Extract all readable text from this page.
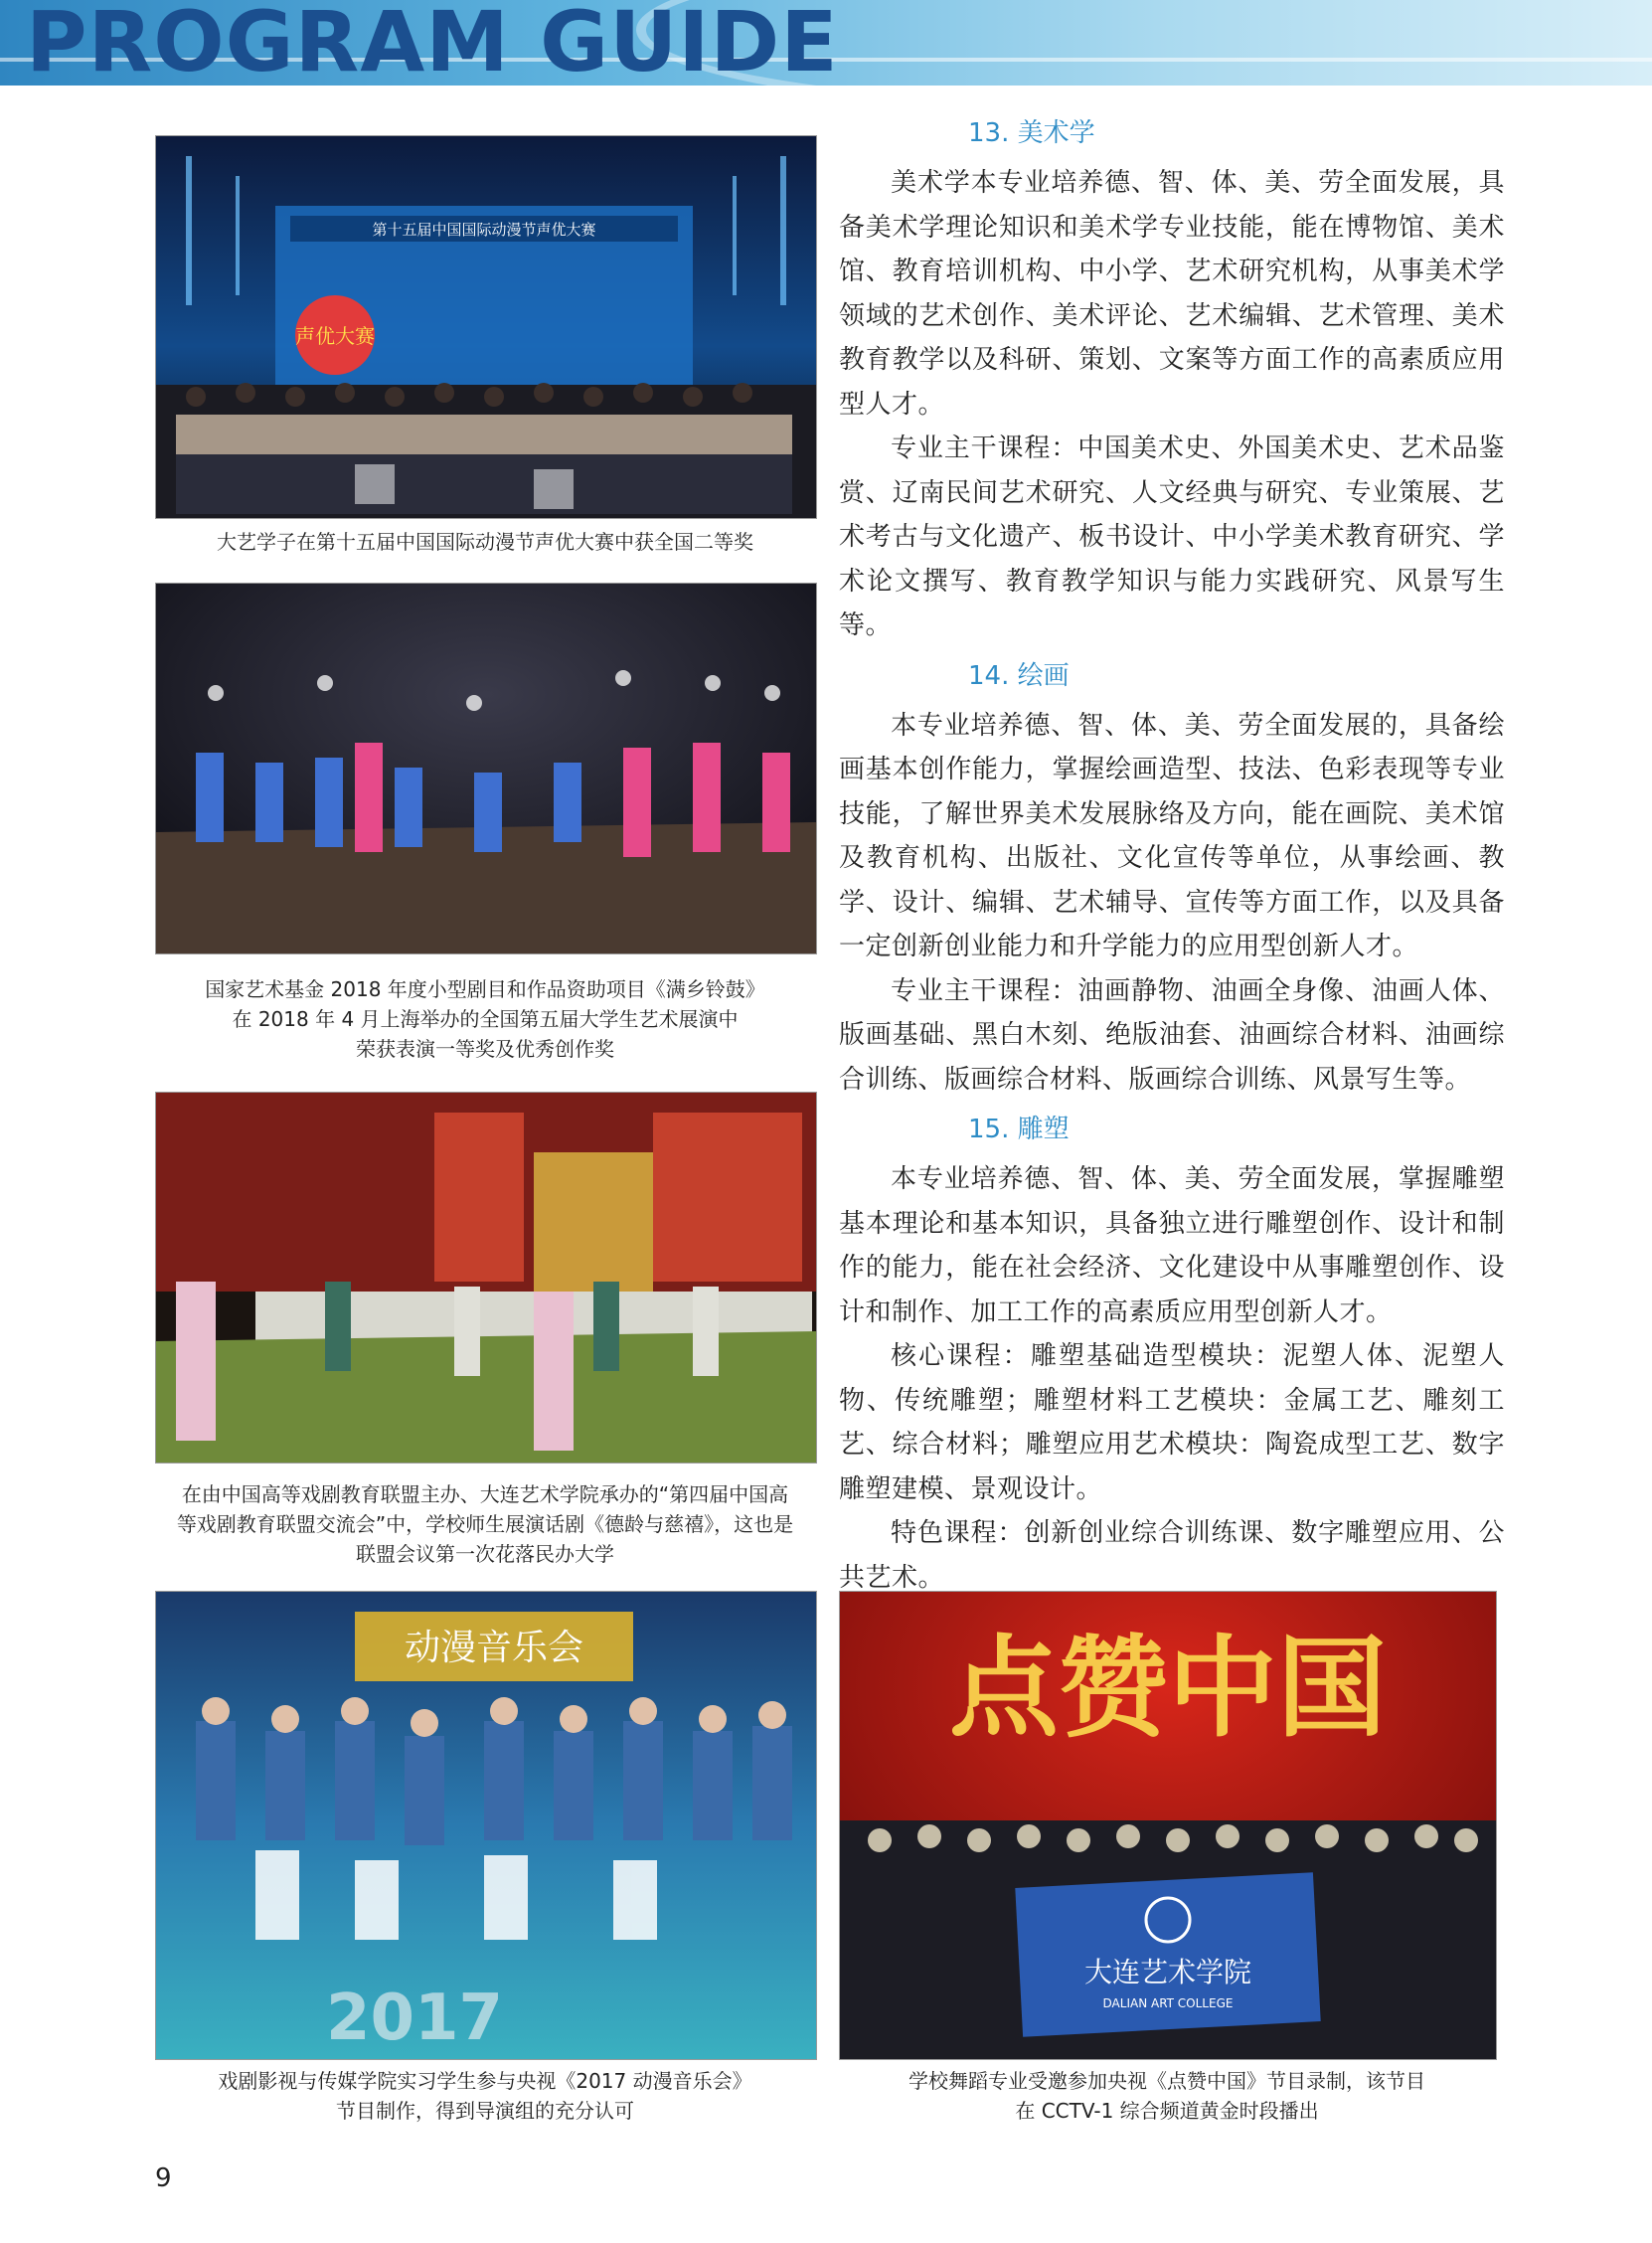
PROGRAM GUIDE
第十五届中国国际动漫节声优大赛
声优大赛
大艺学子在第十五届中国国际动漫节声优大赛中获全国二等奖
国家艺术基金 2018 年度小型剧目和作品资助项目《满乡铃鼓》
在 2018 年 4 月上海举办的全国第五届大学生艺术展演中
荣获表演一等奖及优秀创作奖
在由中国高等戏剧教育联盟主办、大连艺术学院承办的“第四届中国高
等戏剧教育联盟交流会”中，学校师生展演话剧《德龄与慈禧》，这也是
联盟会议第一次花落民办大学
动漫音乐会
2017
戏剧影视与传媒学院实习学生参与央视《2017 动漫音乐会》
节目制作，得到导演组的充分认可
点赞中国
大连艺术学院
DALIAN ART COLLEGE
学校舞蹈专业受邀参加央视《点赞中国》节目录制，该节目
在 CCTV-1 综合频道黄金时段播出
13. 美术学

美术学本专业培养德、智、体、美、劳全面发展，具备美术学理论知识和美术学专业技能，能在博物馆、美术馆、教育培训机构、中小学、艺术研究机构，从事美术学领域的艺术创作、美术评论、艺术编辑、艺术管理、美术教育教学以及科研、策划、文案等方面工作的高素质应用型人才。

专业主干课程：中国美术史、外国美术史、艺术品鉴赏、辽南民间艺术研究、人文经典与研究、专业策展、艺术考古与文化遗产、板书设计、中小学美术教育研究、学术论文撰写、教育教学知识与能力实践研究、风景写生等。

14. 绘画

本专业培养德、智、体、美、劳全面发展的，具备绘画基本创作能力，掌握绘画造型、技法、色彩表现等专业技能，了解世界美术发展脉络及方向，能在画院、美术馆及教育机构、出版社、文化宣传等单位，从事绘画、教学、设计、编辑、艺术辅导、宣传等方面工作，以及具备一定创新创业能力和升学能力的应用型创新人才。

专业主干课程：油画静物、油画全身像、油画人体、版画基础、黑白木刻、绝版油套、油画综合材料、油画综合训练、版画综合材料、版画综合训练、风景写生等。

15. 雕塑

本专业培养德、智、体、美、劳全面发展，掌握雕塑基本理论和基本知识，具备独立进行雕塑创作、设计和制作的能力，能在社会经济、文化建设中从事雕塑创作、设计和制作、加工工作的高素质应用型创新人才。

核心课程：雕塑基础造型模块：泥塑人体、泥塑人物、传统雕塑；雕塑材料工艺模块：金属工艺、雕刻工艺、综合材料；雕塑应用艺术模块：陶瓷成型工艺、数字雕塑建模、景观设计。

特色课程：创新创业综合训练课、数字雕塑应用、公共艺术。

9
